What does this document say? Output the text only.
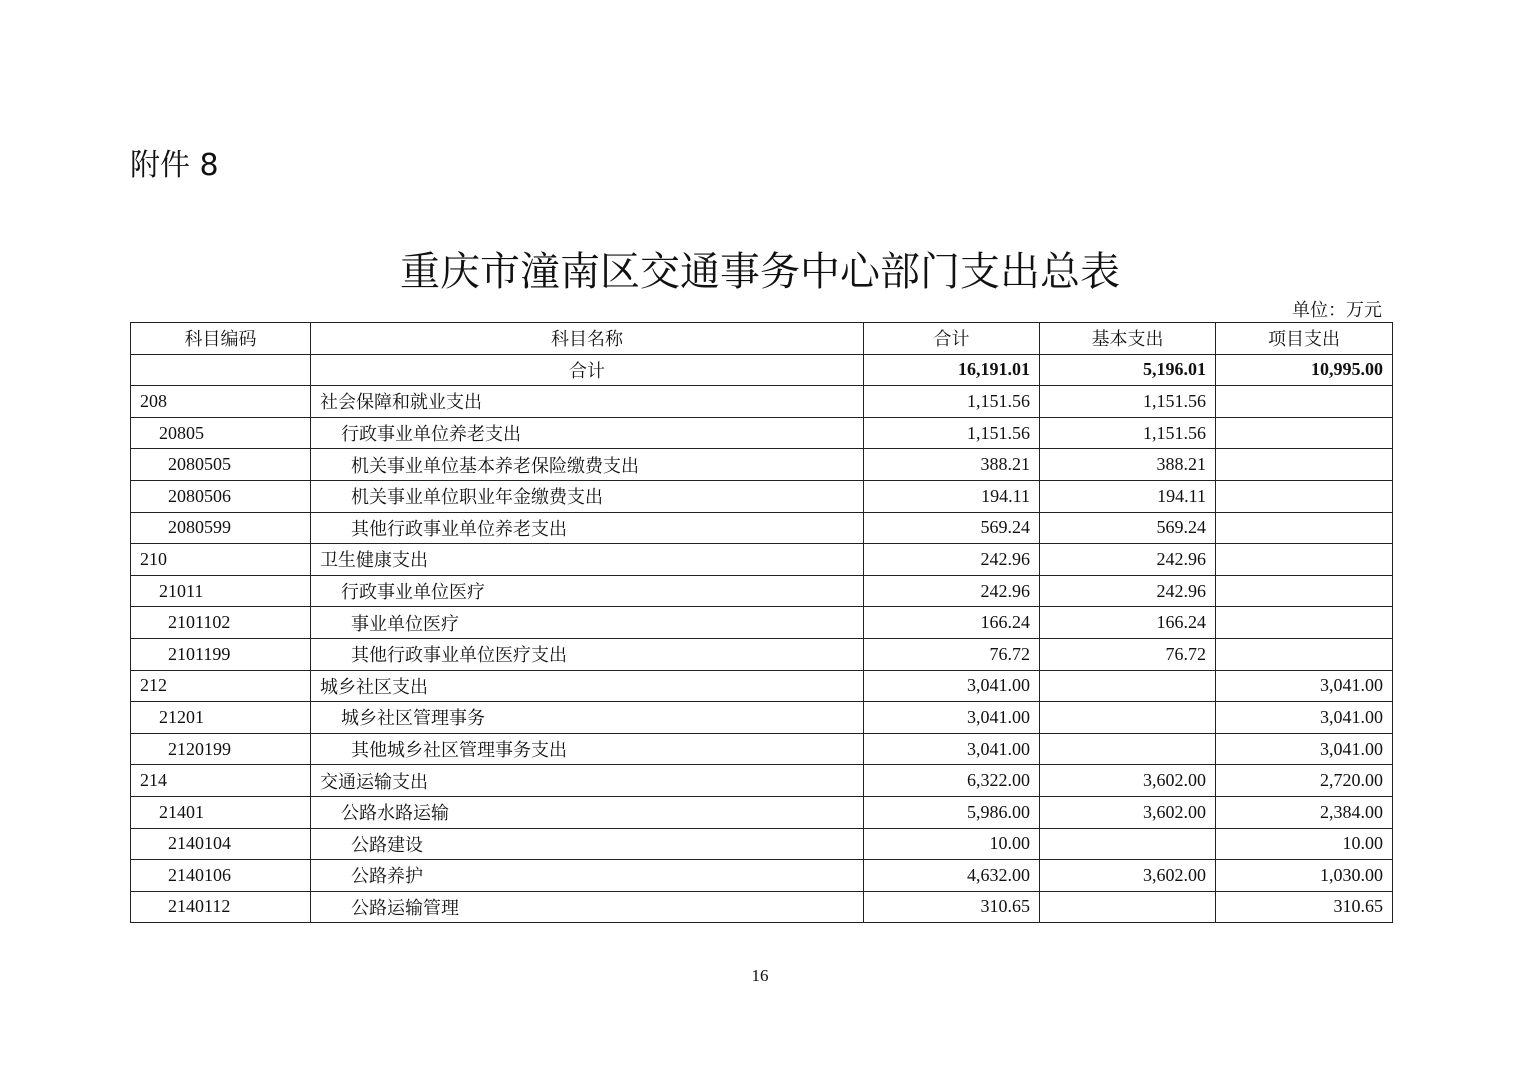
附件 8
重庆市潼南区交通事务中心部门支出总表
单位：万元
科目编码	科目名称	合计	基本支出	项目支出
	合计	16,191.01	5,196.01	10,995.00
208	社会保障和就业支出	1,151.56	1,151.56	
20805	行政事业单位养老支出	1,151.56	1,151.56	
2080505	机关事业单位基本养老保险缴费支出	388.21	388.21	
2080506	机关事业单位职业年金缴费支出	194.11	194.11	
2080599	其他行政事业单位养老支出	569.24	569.24	
210	卫生健康支出	242.96	242.96	
21011	行政事业单位医疗	242.96	242.96	
2101102	事业单位医疗	166.24	166.24	
2101199	其他行政事业单位医疗支出	76.72	76.72	
212	城乡社区支出	3,041.00		3,041.00
21201	城乡社区管理事务	3,041.00		3,041.00
2120199	其他城乡社区管理事务支出	3,041.00		3,041.00
214	交通运输支出	6,322.00	3,602.00	2,720.00
21401	公路水路运输	5,986.00	3,602.00	2,384.00
2140104	公路建设	10.00		10.00
2140106	公路养护	4,632.00	3,602.00	1,030.00
2140112	公路运输管理	310.65		310.65
16
